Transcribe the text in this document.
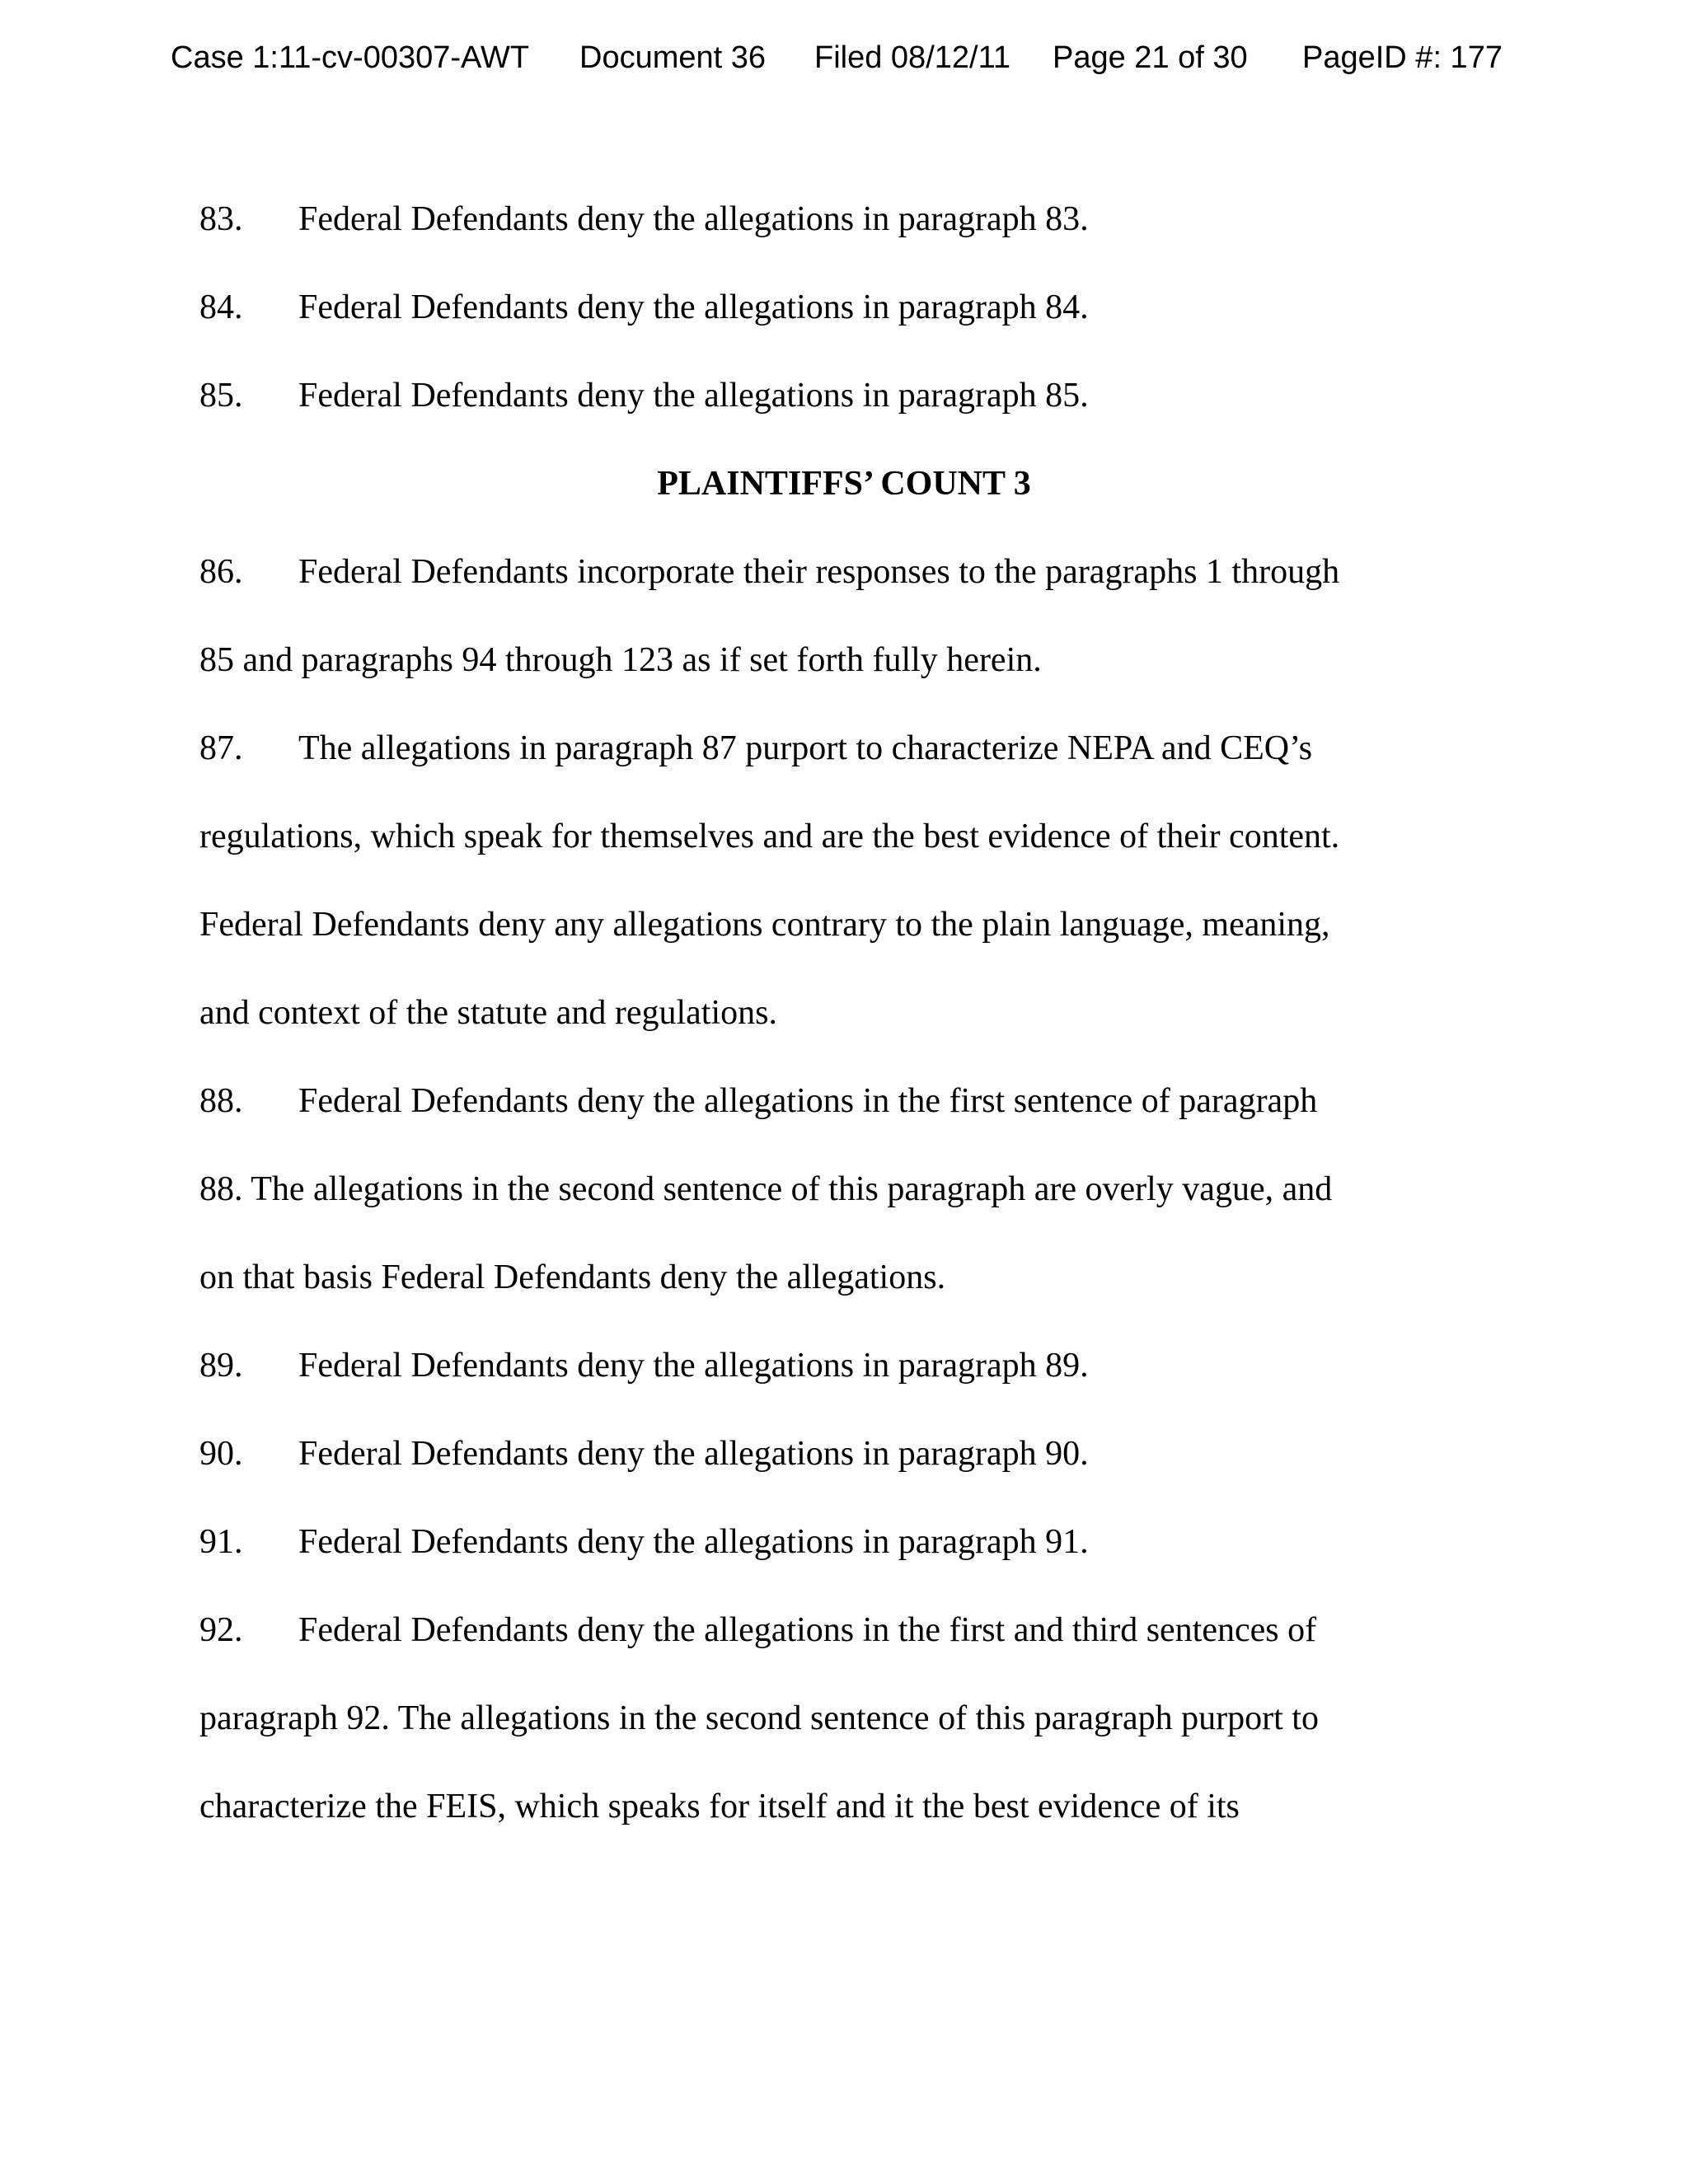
Case 1:11-cv-00307-AWT Document 36 Filed 08/12/11 Page 21 of 30 PageID #: 177
83. Federal Defendants deny the allegations in paragraph 83.
84. Federal Defendants deny the allegations in paragraph 84.
85. Federal Defendants deny the allegations in paragraph 85.
PLAINTIFFS’ COUNT 3
86. Federal Defendants incorporate their responses to the paragraphs 1 through
85 and paragraphs 94 through 123 as if set forth fully herein.
87. The allegations in paragraph 87 purport to characterize NEPA and CEQ’s
regulations, which speak for themselves and are the best evidence of their content.
Federal Defendants deny any allegations contrary to the plain language, meaning,
and context of the statute and regulations.
88. Federal Defendants deny the allegations in the first sentence of paragraph
88. The allegations in the second sentence of this paragraph are overly vague, and
on that basis Federal Defendants deny the allegations.
89. Federal Defendants deny the allegations in paragraph 89.
90. Federal Defendants deny the allegations in paragraph 90.
91. Federal Defendants deny the allegations in paragraph 91.
92. Federal Defendants deny the allegations in the first and third sentences of
paragraph 92. The allegations in the second sentence of this paragraph purport to
characterize the FEIS, which speaks for itself and it the best evidence of its
